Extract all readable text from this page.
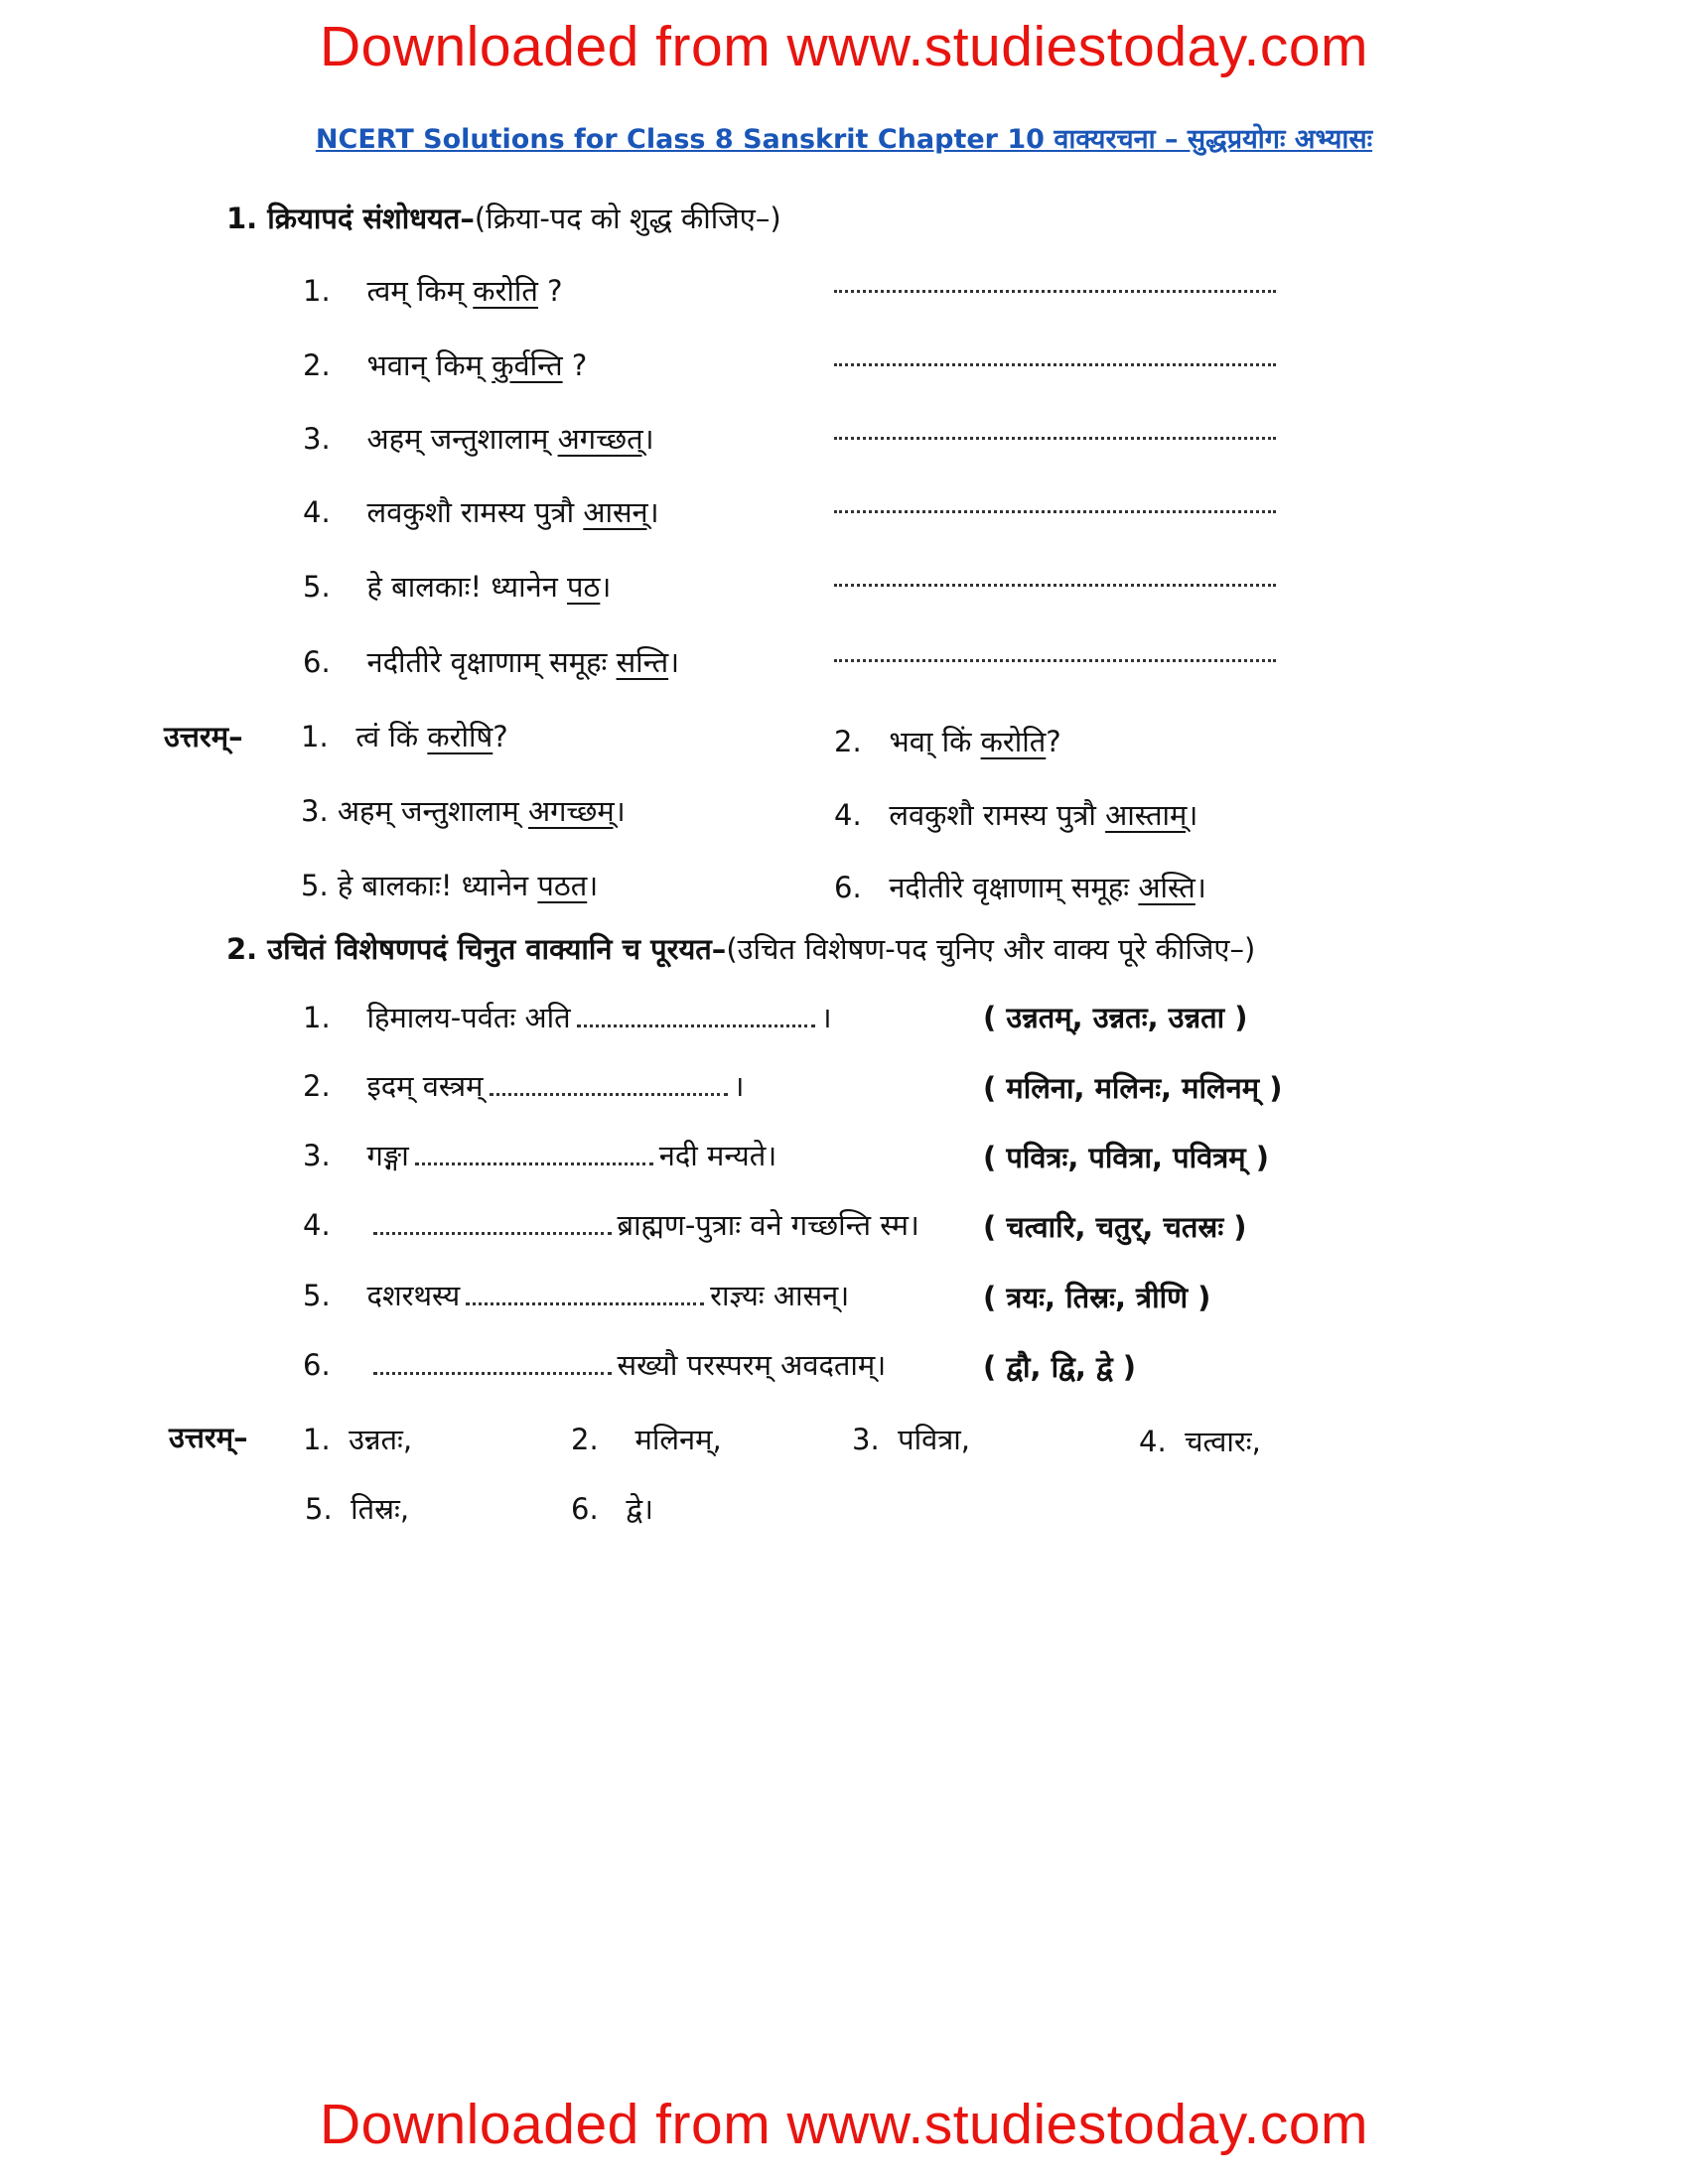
Downloaded from www.studiestoday.com
NCERT Solutions for Class 8 Sanskrit Chapter 10 वाक्यरचना – सुद्धप्रयोगः अभ्यासः
1. क्रियापदं संशोधयत–(क्रिया-पद को शुद्ध कीजिए–)
1. त्वम् किम् करोति ?
2. भवान् किम् कुर्वन्ति ?
3. अहम् जन्तुशालाम् अगच्छत्।
4. लवकुशौ रामस्य पुत्रौ आसन्।
5. हे बालकाः! ध्यानेन पठ।
6. नदीतीरे वृक्षाणाम् समूहः सन्ति।
उत्तरम्– 1. त्वं किं करोषि?	2. भवा् किं करोति?
3. अहम् जन्तुशालाम् अगच्छम्।	4. लवकुशौ रामस्य पुत्रौ आस्ताम्।
5. हे बालकाः! ध्यानेन पठत।	6. नदीतीरे वृक्षाणाम् समूहः अस्ति।
2. उचितं विशेषणपदं चिनुत वाक्यानि च पूरयत–(उचित विशेषण-पद चुनिए और वाक्य पूरे कीजिए–)
1. हिमालय-पर्वतः अति	।	( उन्नतम्, उन्नतः, उन्नता )
2. इदम् वस्त्रम्	।	( मलिना, मलिनः, मलिनम् )
3. गङ्गा	नदी मन्यते।	( पवित्रः, पवित्रा, पवित्रम् )
4.	ब्राह्मण-पुत्राः वने गच्छन्ति स्म। ( चत्वारि, चतुर्, चतस्रः )
5. दशरथस्य	राज्ञ्यः आसन्।	( त्रयः, तिस्रः, त्रीणि )
6.	सख्यौ परस्परम् अवदताम्।	( द्वौ, द्वि, द्वे )
उत्तरम्– 1. उन्नतः,	2. मलिनम्,	3. पवित्रा,	4. चत्वारः,
5. तिस्रः,	6. द्वे।
Downloaded from www.studiestoday.com
